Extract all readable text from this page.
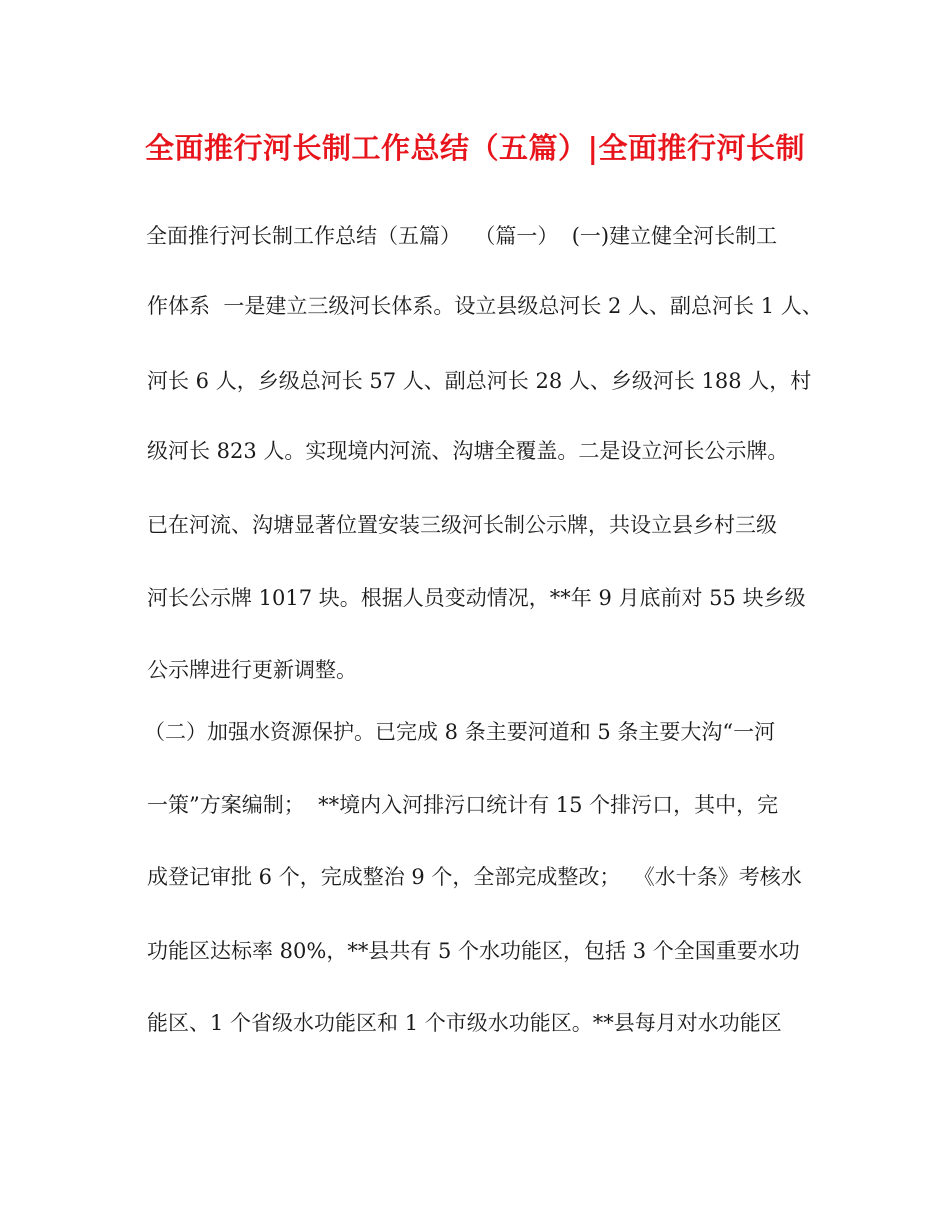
全面推行河长制工作总结（五篇）|全面推行河长制
全面推行河长制工作总结（五篇）  （篇一）  (一)建立健全河长制工
作体系  一是建立三级河长体系。设立县级总河长 2 人、副总河长 1 人、
河长 6 人，乡级总河长 57 人、副总河长 28 人、乡级河长 188 人，村
级河长 823 人。实现境内河流、沟塘全覆盖。二是设立河长公示牌。
已在河流、沟塘显著位置安装三级河长制公示牌，共设立县乡村三级
河长公示牌 1017 块。根据人员变动情况，**年 9 月底前对 55 块乡级
公示牌进行更新调整。
（二）加强水资源保护。已完成 8 条主要河道和 5 条主要大沟“一河
一策”方案编制；  **境内入河排污口统计有 15 个排污口，其中，完
成登记审批 6 个，完成整治 9 个，全部完成整改；  《水十条》考核水
功能区达标率 80%，**县共有 5 个水功能区，包括 3 个全国重要水功
能区、1 个省级水功能区和 1 个市级水功能区。**县每月对水功能区
